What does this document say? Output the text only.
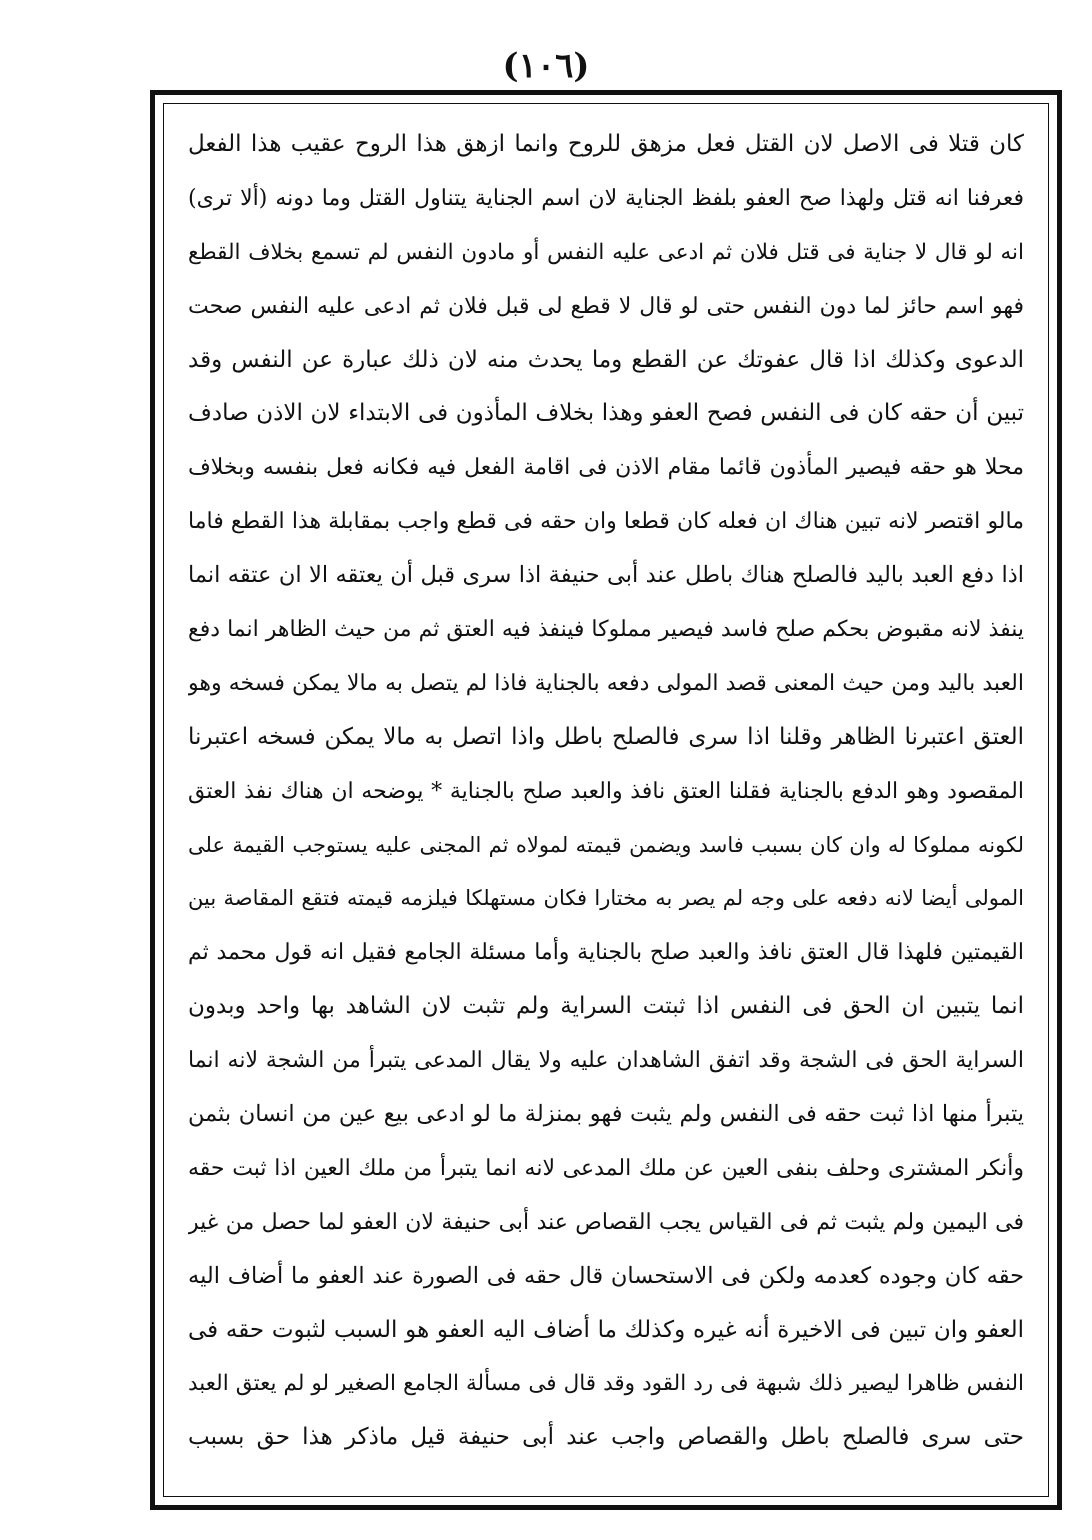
(١٠٦)
كان قتلا فى الاصل لان القتل فعل مزهق للروح وانما ازهق هذا الروح عقيب هذا الفعل
فعرفنا انه قتل ولهذا صح العفو بلفظ الجناية لان اسم الجناية يتناول القتل وما دونه (ألا ترى)
انه لو قال لا جناية فى قتل فلان ثم ادعى عليه النفس أو مادون النفس لم تسمع بخلاف القطع
فهو اسم حائز لما دون النفس حتى لو قال لا قطع لى قبل فلان ثم ادعى عليه النفس صحت
الدعوى وكذلك اذا قال عفوتك عن القطع وما يحدث منه لان ذلك عبارة عن النفس وقد
تبين أن حقه كان فى النفس فصح العفو وهذا بخلاف المأذون فى الابتداء لان الاذن صادف
محلا هو حقه فيصير المأذون قائما مقام الاذن فى اقامة الفعل فيه فكانه فعل بنفسه وبخلاف
مالو اقتصر لانه تبين هناك ان فعله كان قطعا وان حقه فى قطع واجب بمقابلة هذا القطع فاما
اذا دفع العبد باليد فالصلح هناك باطل عند أبى حنيفة اذا سرى قبل أن يعتقه الا ان عتقه انما
ينفذ لانه مقبوض بحكم صلح فاسد فيصير مملوكا فينفذ فيه العتق ثم من حيث الظاهر انما دفع
العبد باليد ومن حيث المعنى قصد المولى دفعه بالجناية فاذا لم يتصل به مالا يمكن فسخه وهو
العتق اعتبرنا الظاهر وقلنا اذا سرى فالصلح باطل واذا اتصل به مالا يمكن فسخه اعتبرنا
المقصود وهو الدفع بالجناية فقلنا العتق نافذ والعبد صلح بالجناية * يوضحه ان هناك نفذ العتق
لكونه مملوكا له وان كان بسبب فاسد ويضمن قيمته لمولاه ثم المجنى عليه يستوجب القيمة على
المولى أيضا لانه دفعه على وجه لم يصر به مختارا فكان مستهلكا فيلزمه قيمته فتقع المقاصة بين
القيمتين فلهذا قال العتق نافذ والعبد صلح بالجناية وأما مسئلة الجامع فقيل انه قول محمد ثم
انما يتبين ان الحق فى النفس اذا ثبتت السراية ولم تثبت لان الشاهد بها واحد وبدون
السراية الحق فى الشجة وقد اتفق الشاهدان عليه ولا يقال المدعى يتبرأ من الشجة لانه انما
يتبرأ منها اذا ثبت حقه فى النفس ولم يثبت فهو بمنزلة ما لو ادعى بيع عين من انسان بثمن
وأنكر المشترى وحلف بنفى العين عن ملك المدعى لانه انما يتبرأ من ملك العين اذا ثبت حقه
فى اليمين ولم يثبت ثم فى القياس يجب القصاص عند أبى حنيفة لان العفو لما حصل من غير
حقه كان وجوده كعدمه ولكن فى الاستحسان قال حقه فى الصورة عند العفو ما أضاف اليه
العفو وان تبين فى الاخيرة أنه غيره وكذلك ما أضاف اليه العفو هو السبب لثبوت حقه فى
النفس ظاهرا ليصير ذلك شبهة فى رد القود وقد قال فى مسألة الجامع الصغير لو لم يعتق العبد
حتى سرى فالصلح باطل والقصاص واجب عند أبى حنيفة قيل ماذكر هذا حق بسبب
